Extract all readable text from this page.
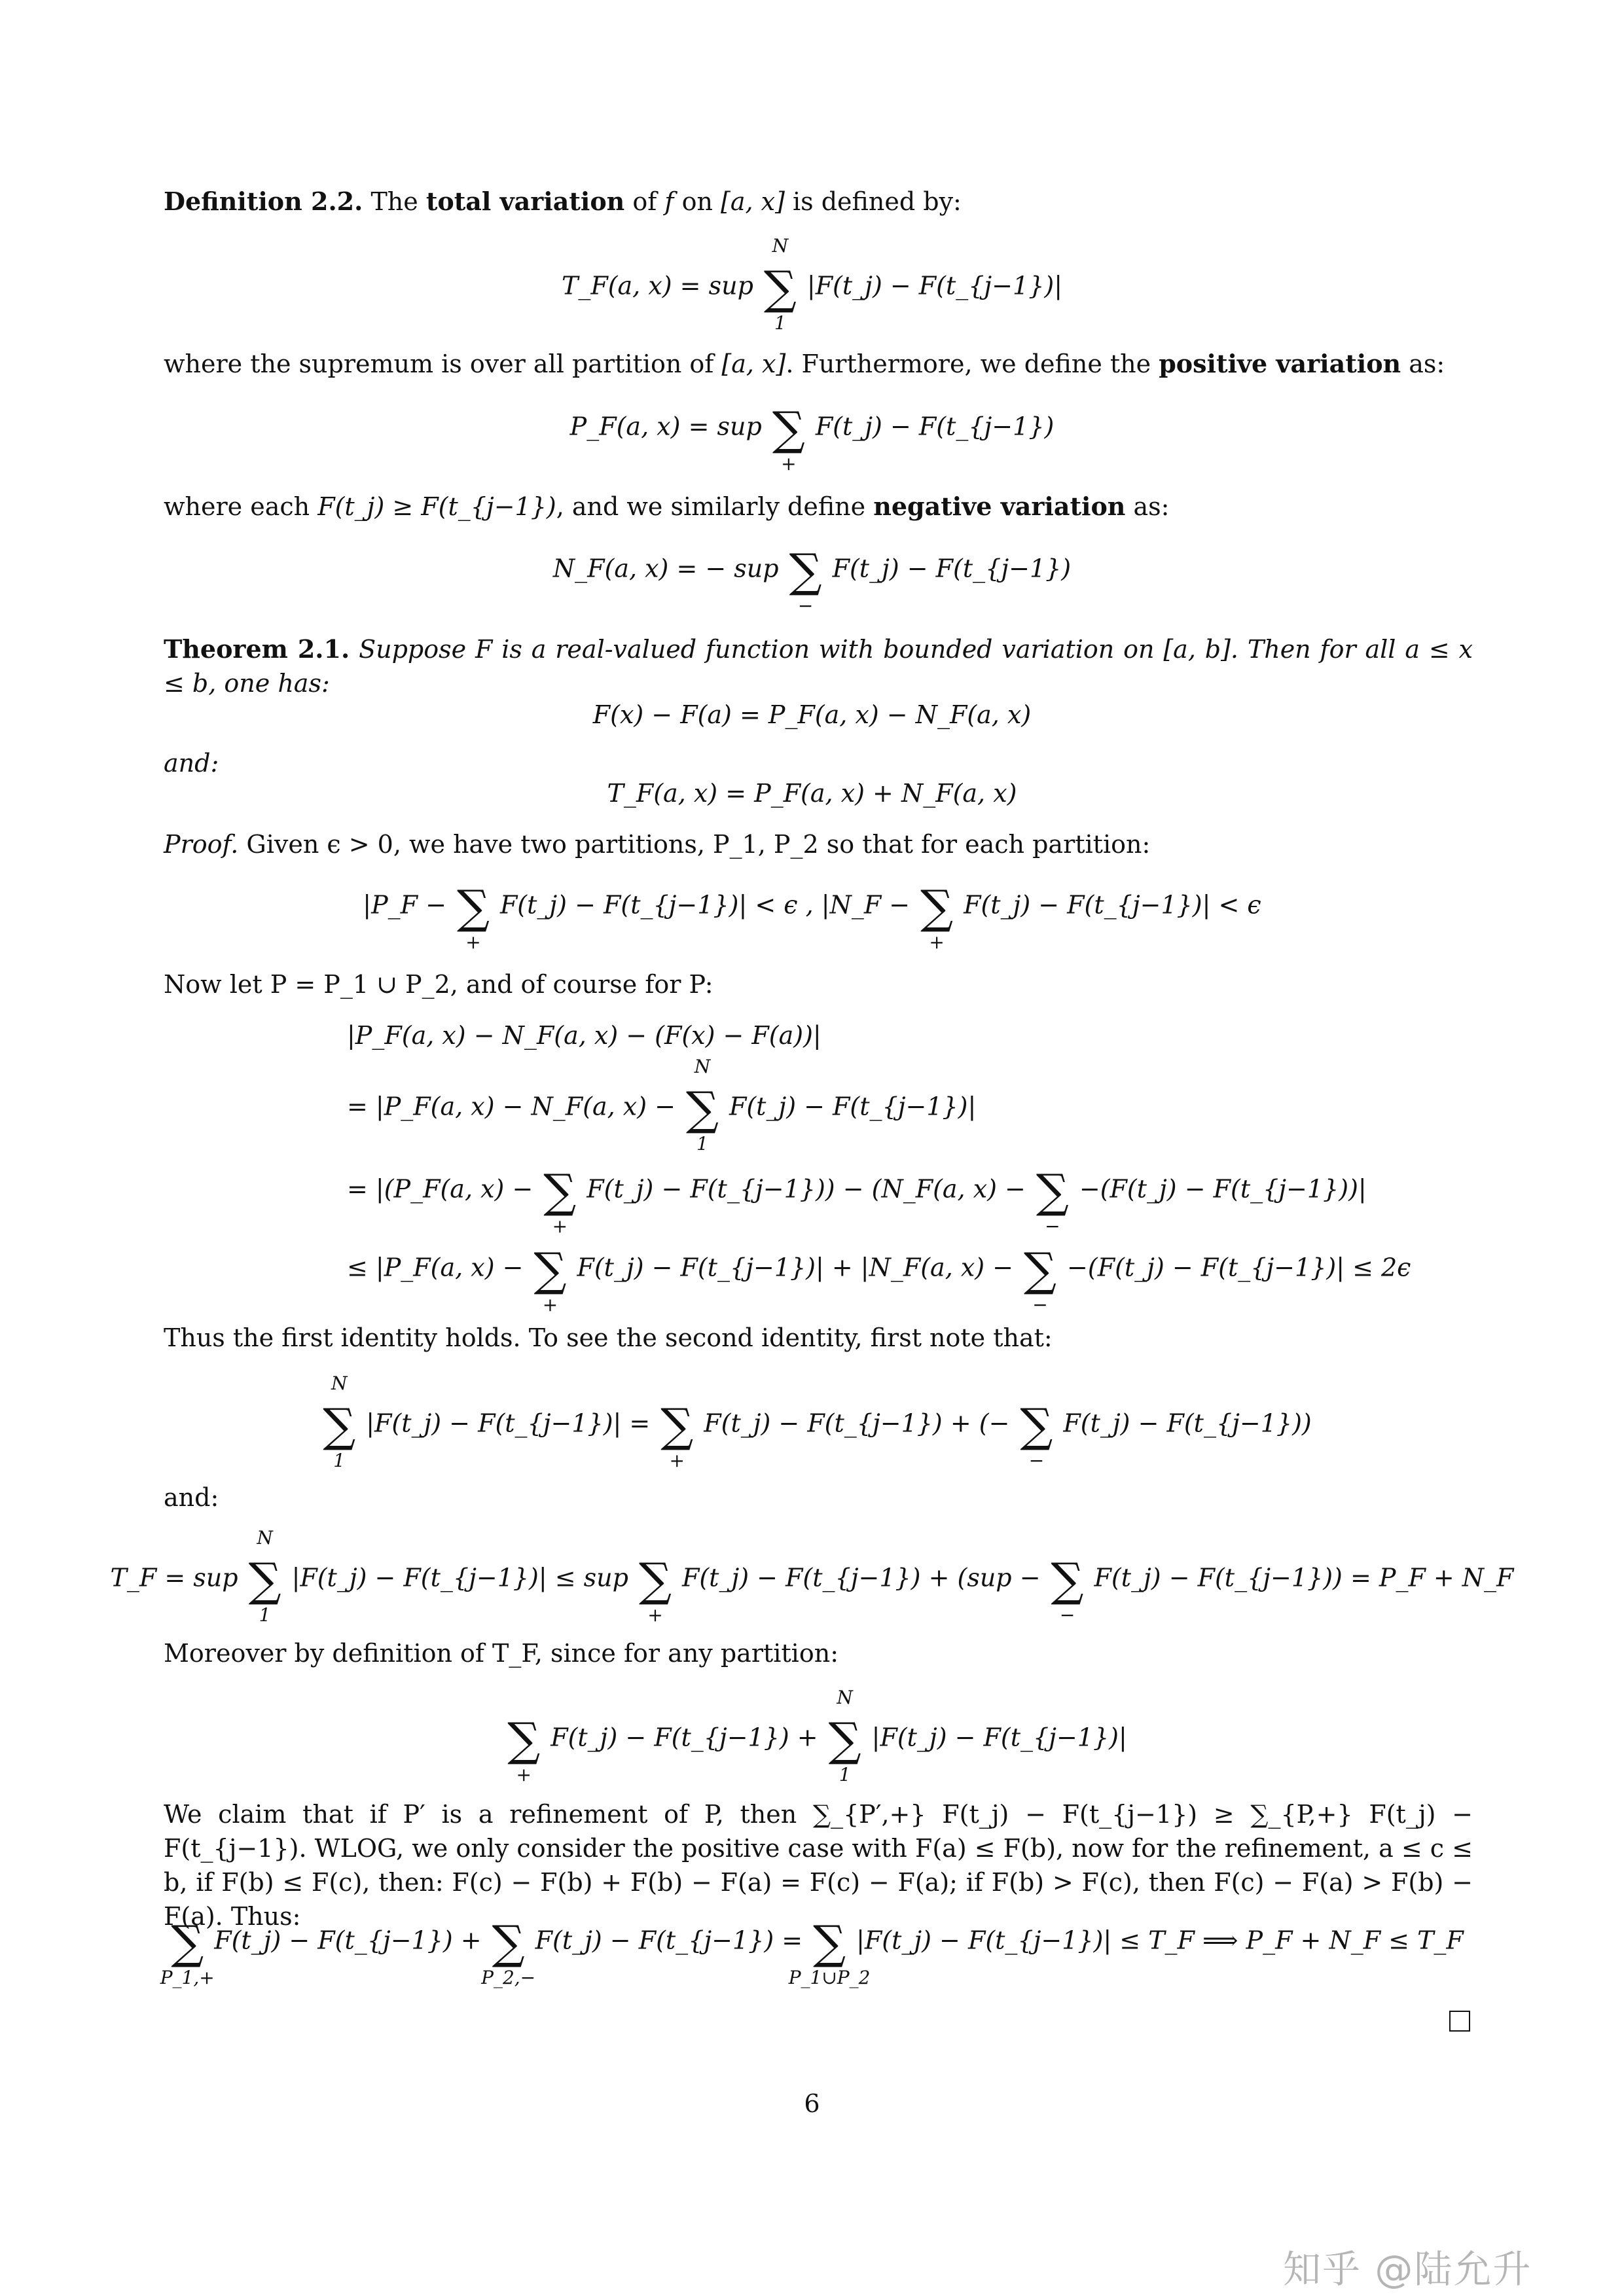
Definition 2.2. The total variation of f on [a, x] is defined by:
T_F(a, x) = sup
N
∑
1
|F(t_j) − F(t_{j−1})|
where the supremum is over all partition of [a, x]. Furthermore, we define the positive variation as:
P_F(a, x) = sup ∑
+
F(t_j) − F(t_{j−1})
where each F(t_j) ≥ F(t_{j−1}), and we similarly define negative variation as:
N_F(a, x) = − sup ∑
−
F(t_j) − F(t_{j−1})
Theorem 2.1. Suppose F is a real-valued function with bounded variation on [a, b]. Then for all a ≤ x ≤ b, one has:
F(x) − F(a) = P_F(a, x) − N_F(a, x)
and:
T_F(a, x) = P_F(a, x) + N_F(a, x)
Proof. Given ϵ > 0, we have two partitions, P_1, P_2 so that for each partition:
|P_F − ∑
+
F(t_j) − F(t_{j−1})| < ϵ , |N_F − ∑
+
F(t_j) − F(t_{j−1})| < ϵ
Now let P = P_1 ∪ P_2, and of course for P:
|P_F(a, x) − N_F(a, x) − (F(x) − F(a))|
= |P_F(a, x) − N_F(a, x) −
N
∑
1
F(t_j) − F(t_{j−1})|
= |(P_F(a, x) − ∑
+
F(t_j) − F(t_{j−1})) − (N_F(a, x) − ∑
−
−(F(t_j) − F(t_{j−1}))|
≤ |P_F(a, x) − ∑
+
F(t_j) − F(t_{j−1})| + |N_F(a, x) − ∑
−
−(F(t_j) − F(t_{j−1})| ≤ 2ϵ
Thus the first identity holds. To see the second identity, first note that:
N
∑
1
|F(t_j) − F(t_{j−1})| = ∑
+
F(t_j) − F(t_{j−1}) + (− ∑
−
F(t_j) − F(t_{j−1}))
and:
T_F = sup
N
∑
1
|F(t_j) − F(t_{j−1})| ≤ sup ∑
+
F(t_j) − F(t_{j−1}) + (sup − ∑
−
F(t_j) − F(t_{j−1})) = P_F + N_F
Moreover by definition of T_F, since for any partition:
∑
+
F(t_j) − F(t_{j−1}) +
N
∑
1
|F(t_j) − F(t_{j−1})|
We claim that if P′ is a refinement of P, then ∑_{P′,+} F(t_j) − F(t_{j−1}) ≥ ∑_{P,+} F(t_j) − F(t_{j−1}). WLOG, we only consider the positive case with F(a) ≤ F(b), now for the refinement, a ≤ c ≤ b, if F(b) ≤ F(c), then: F(c) − F(b) + F(b) − F(a) = F(c) − F(a); if F(b) > F(c), then F(c) − F(a) > F(b) − F(a). Thus:
∑
P_1,+
F(t_j) − F(t_{j−1}) + ∑
P_2,−
F(t_j) − F(t_{j−1}) = ∑
P_1∪P_2
|F(t_j) − F(t_{j−1})| ≤ T_F ⟹ P_F + N_F ≤ T_F
6
知乎 @陆允升
